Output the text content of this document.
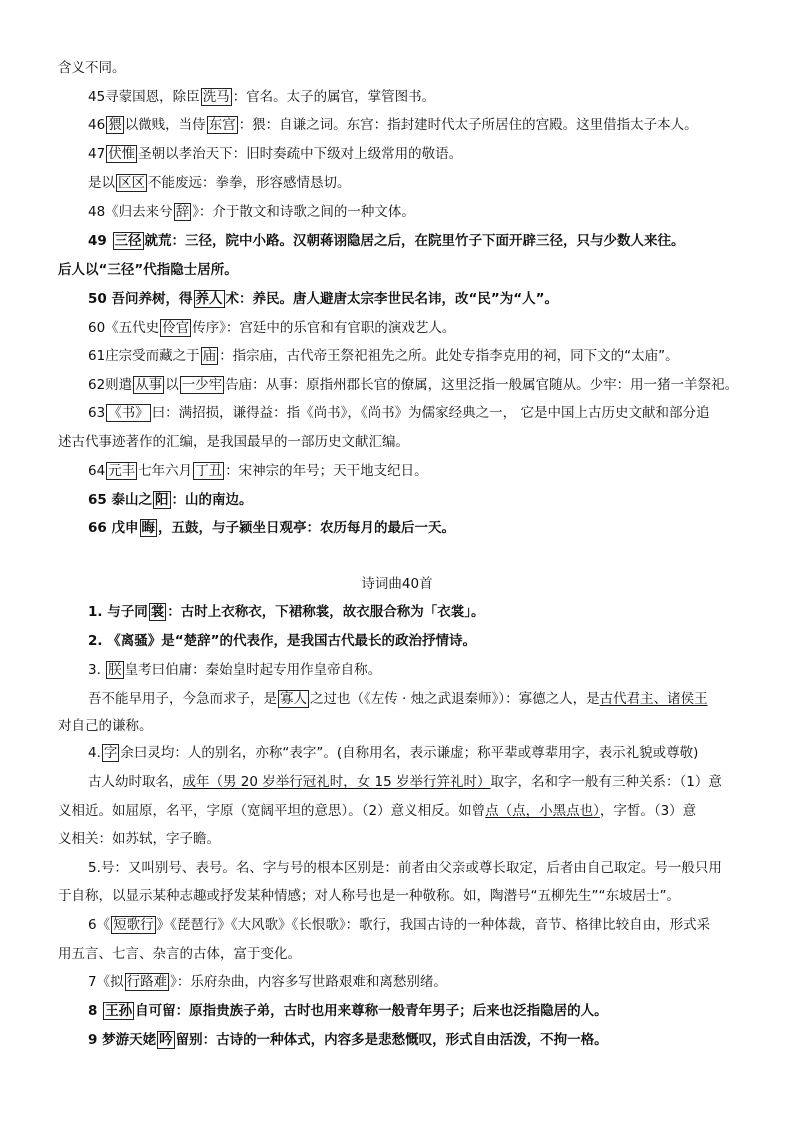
含义不同。
45寻蒙国恩，除臣 洗马 ：官名。太子的属官，掌管图书。
46 猥 以微贱，当侍 东宫 ：猥：自谦之词。东宫：指封建时代太子所居住的宫殿。这里借指太子本人。
47 伏惟 圣朝以孝治天下：旧时奏疏中下级对上级常用的敬语。
是以 区区 不能废远：拳拳，形容感情恳切。
48《归去来兮 辞 》：介于散文和诗歌之间的一种文体。
49 三径 就荒：三径，院中小路。汉朝蒋诩隐居之后，在院里竹子下面开辟三径，只与少数人来往。
后人以“三径”代指隐士居所。
50 吾问养树，得 养人 术：养民。唐人避唐太宗李世民名讳，改“民”为“人”。
60《五代史 伶官 传序》：宫廷中的乐官和有官职的演戏艺人。
61庄宗受而藏之于 庙 ：指宗庙，古代帝王祭祀祖先之所。此处专指李克用的祠，同下文的“太庙”。
62则遣 从事 以 一少牢 告庙：从事：原指州郡长官的僚属，这里泛指一般属官随从。少牢：用一猪一羊祭祀。
63 《书》 曰：满招损，谦得益：指《尚书》，《尚书》为儒家经典之一， 它是中国上古历史文献和部分追
述古代事迹著作的汇编，是我国最早的一部历史文献汇编。
64 元丰 七年六月 丁丑 ：宋神宗的年号；天干地支纪日。
65 泰山之 阳 ：山的南边。
66 戊申 晦 ，五鼓，与子颍坐日观亭：农历每月的最后一天。
1. 与子同 裳 ：古时上衣称衣，下裙称裳，故衣服合称为「衣裳」。
2. 《离骚》是“楚辞”的代表作，是我国古代最长的政治抒情诗。
3. 朕 皇考曰伯庸：秦始皇时起专用作皇帝自称。
吾不能早用子，今急而求子，是 寡人 之过也（《左传 · 烛之武退秦师》）：寡德之人，是古代君主、诸侯王
对自己的谦称。
4. 字 余曰灵均：人的别名，亦称“表字”。(自称用名，表示谦虚；称平辈或尊辈用字，表示礼貌或尊敬)
古人幼时取名，成年（男 20 岁举行冠礼时，女 15 岁举行笄礼时）取字，名和字一般有三种关系：（1）意
义相近。如屈原，名平，字原（宽阔平坦的意思）。（2）意义相反。如曾点（点，小黑点也），字皙。（3）意
义相关：如苏轼，字子瞻。
5.号：又叫别号、表号。名、字与号的根本区别是：前者由父亲或尊长取定，后者由自己取定。号一般只用
于自称，以显示某种志趣或抒发某种情感；对人称号也是一种敬称。如，陶潜号“五柳先生”“东坡居士”。
6《 短歌行 》《琵琶行》《大风歌》《长恨歌》：歌行，我国古诗的一种体裁，音节、格律比较自由，形式采
用五言、七言、杂言的古体，富于变化。
7《拟 行路难 》：乐府杂曲，内容多写世路艰难和离愁别绪。
8 王孙 自可留：原指贵族子弟，古时也用来尊称一般青年男子；后来也泛指隐居的人。
9 梦游天姥 吟 留别：古诗的一种体式，内容多是悲愁慨叹，形式自由活泼，不拘一格。
诗词曲40首
